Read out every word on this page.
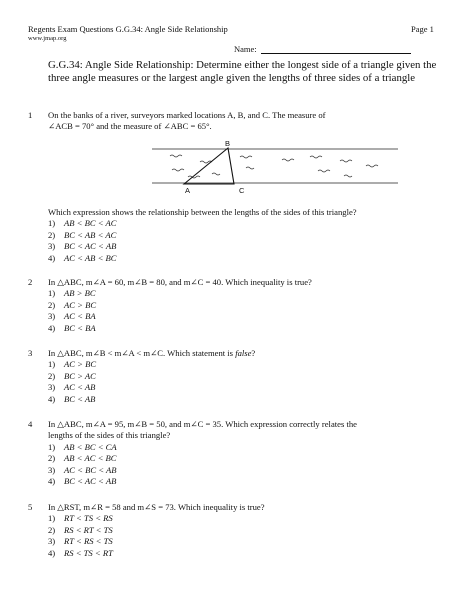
Regents Exam Questions G.G.34: Angle Side Relationship
www.jmap.org
Page 1
Name:
G.G.34: Angle Side Relationship: Determine either the longest side of a triangle given the three angle measures or the largest angle given the lengths of three sides of a triangle
1	On the banks of a river, surveyors marked locations A, B, and C. The measure of
∠ACB = 70° and the measure of ∠ABC = 65°.
B
A	C
Which expression shows the relationship between the lengths of the sides of this triangle?
1)	AB < BC < AC
2)	BC < AB < AC
3)	BC < AC < AB
4)	AC < AB < BC
2	In △ABC, m∠A = 60, m∠B = 80, and m∠C = 40. Which inequality is true?
1)	AB > BC
2)	AC > BC
3)	AC < BA
4)	BC < BA
3	In △ABC, m∠B < m∠A < m∠C. Which statement is false?
1)	AC > BC
2)	BC > AC
3)	AC < AB
4)	BC < AB
4	In △ABC, m∠A = 95, m∠B = 50, and m∠C = 35. Which expression correctly relates the
lengths of the sides of this triangle?
1)	AB < BC < CA
2)	AB < AC < BC
3)	AC < BC < AB
4)	BC < AC < AB
5	In △RST, m∠R = 58 and m∠S = 73. Which inequality is true?
1)	RT < TS < RS
2)	RS < RT < TS
3)	RT < RS < TS
4)	RS < TS < RT
